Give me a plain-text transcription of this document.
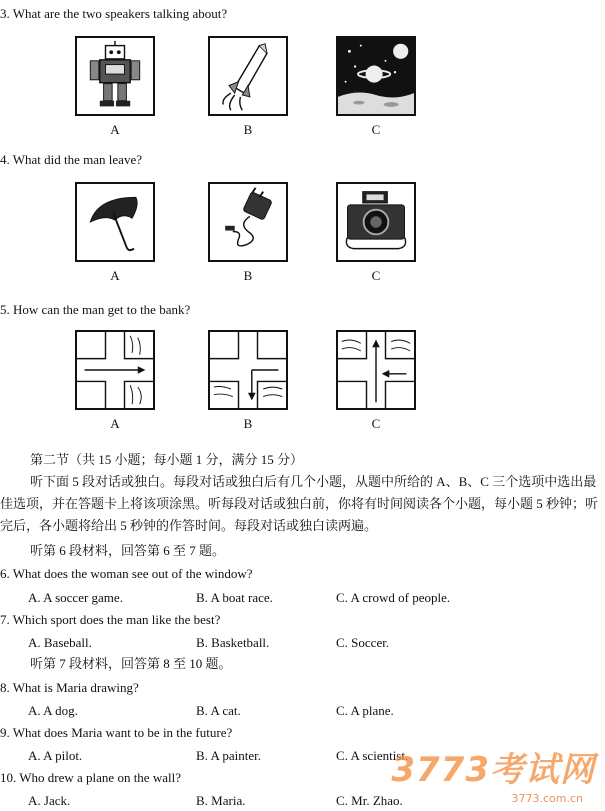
3. What are the two speakers talking about?
A	B	C
4. What did the man leave?
A	B	C
5. How can the man get to the bank?
A	B	C
第二节（共 15 小题；每小题 1 分，满分 15 分）
听下面 5 段对话或独白。每段对话或独白后有几个小题，从题中所给的 A、B、C 三个选项中选出最佳选项，并在答题卡上将该项涂黑。听每段对话或独白前，你将有时间阅读各个小题，每小题 5 秒钟；听完后，各小题将给出 5 秒钟的作答时间。每段对话或独白读两遍。
听第 6 段材料，回答第 6 至 7 题。
6. What does the woman see out of the window?
A. A soccer game.	B. A boat race.	C. A crowd of people.
7. Which sport does the man like the best?
A. Baseball.	B. Basketball.	C. Soccer.
听第 7 段材料，回答第 8 至 10 题。
8. What is Maria drawing?
A. A dog.	B. A cat.	C. A plane.
9. What does Maria want to be in the future?
A. A pilot.	B. A painter.	C. A scientist.
10. Who drew a plane on the wall?
A. Jack.	B. Maria.	C. Mr. Zhao.
3773考试网
3773.com.cn
